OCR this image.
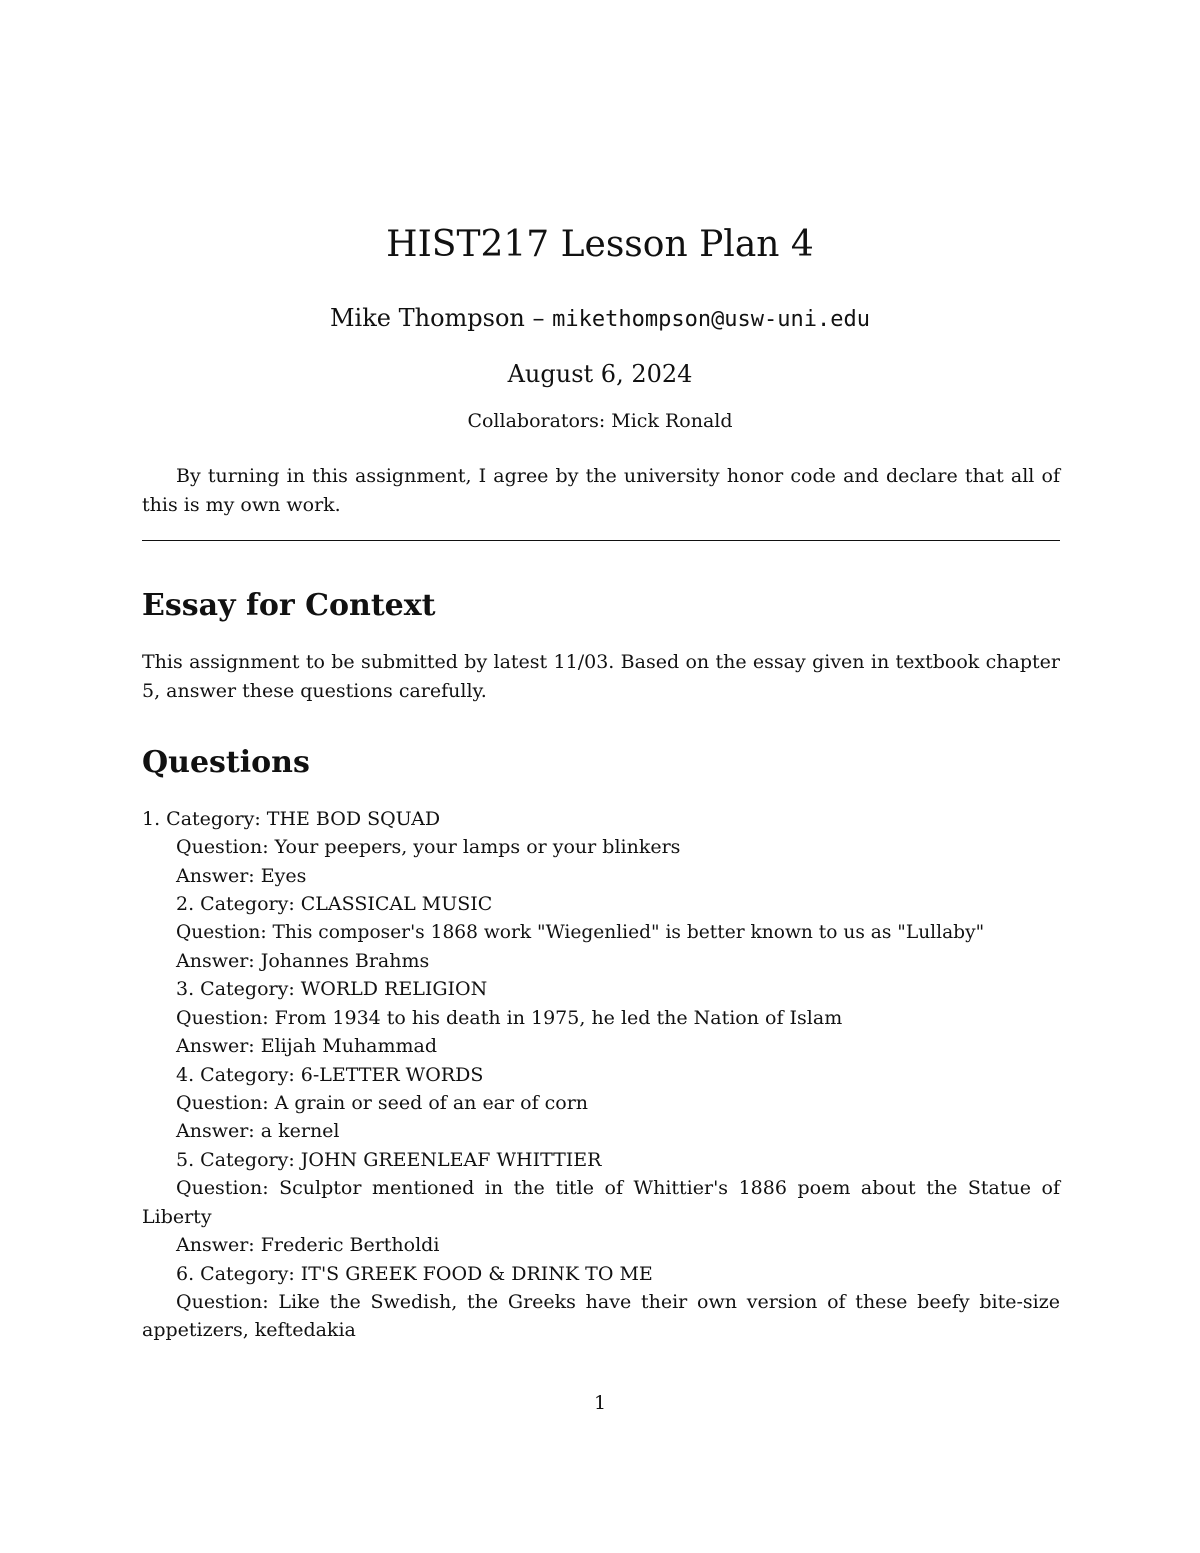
HIST217 Lesson Plan 4
Mike Thompson – mikethompson@usw-uni.edu
August 6, 2024
Collaborators: Mick Ronald

By turning in this assignment, I agree by the university honor code and declare that all of this is my own work.

Essay for Context

This assignment to be submitted by latest 11/03. Based on the essay given in textbook chapter 5, answer these questions carefully.

Questions
1. Category: THE BOD SQUAD
Question: Your peepers, your lamps or your blinkers
Answer: Eyes
2. Category: CLASSICAL MUSIC
Question: This composer's 1868 work "Wiegenlied" is better known to us as "Lullaby"
Answer: Johannes Brahms
3. Category: WORLD RELIGION
Question: From 1934 to his death in 1975, he led the Nation of Islam
Answer: Elijah Muhammad
4. Category: 6-LETTER WORDS
Question: A grain or seed of an ear of corn
Answer: a kernel
5. Category: JOHN GREENLEAF WHITTIER
Question: Sculptor mentioned in the title of Whittier's 1886 poem about the Statue of Liberty
Answer: Frederic Bertholdi
6. Category: IT'S GREEK FOOD & DRINK TO ME
Question: Like the Swedish, the Greeks have their own version of these beefy bite-size appetizers, keftedakia
1
